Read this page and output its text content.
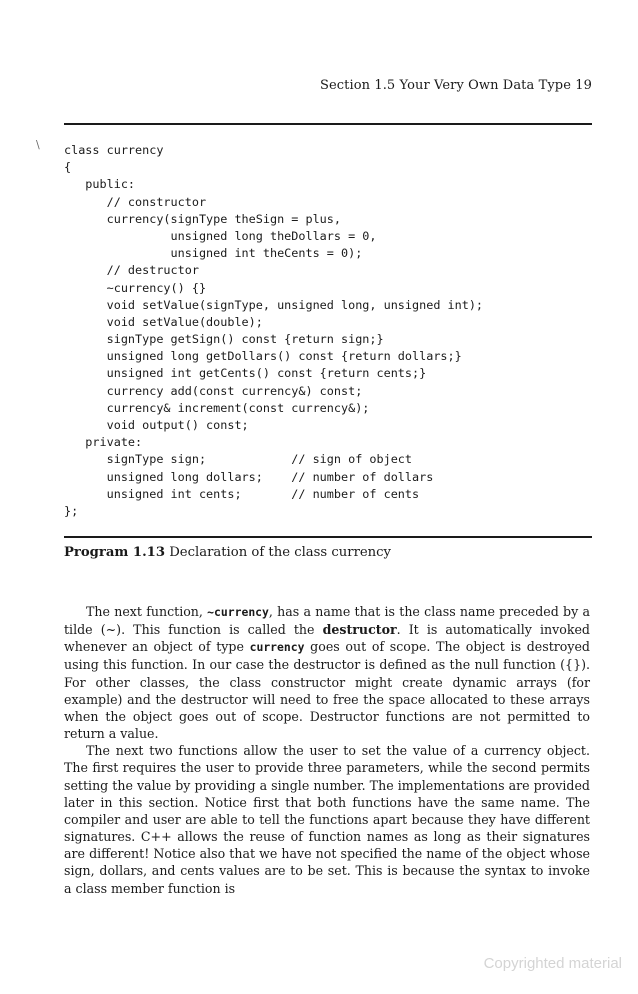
Section 1.5 Your Very Own Data Type 19
\ class currency
{
public:
// constructor
currency(signType theSign = plus,
unsigned long theDollars = 0,
unsigned int theCents = 0);
// destructor
~currency() {}
void setValue(signType, unsigned long, unsigned int);
void setValue(double);
signType getSign() const {return sign;}
unsigned long getDollars() const {return dollars;}
unsigned int getCents() const {return cents;}
currency add(const currency&) const;
currency& increment(const currency&);
void output() const;
private:
signType sign;            // sign of object
unsigned long dollars;    // number of dollars
unsigned int cents;       // number of cents
};
Program 1.13 Declaration of the class currency

The next function, ~currency, has a name that is the class name preceded by a tilde (~). This function is called the destructor. It is automatically invoked whenever an object of type currency goes out of scope. The object is destroyed using this function. In our case the destructor is defined as the null function ({}). For other classes, the class constructor might create dynamic arrays (for example) and the destructor will need to free the space allocated to these arrays when the object goes out of scope. Destructor functions are not permitted to return a value.

The next two functions allow the user to set the value of a currency object. The first requires the user to provide three parameters, while the second permits setting the value by providing a single number. The implementations are provided later in this section. Notice first that both functions have the same name. The compiler and user are able to tell the functions apart because they have different signatures. C++ allows the reuse of function names as long as their signatures are different! Notice also that we have not specified the name of the object whose sign, dollars, and cents values are to be set. This is because the syntax to invoke a class member function is

Copyrighted material
